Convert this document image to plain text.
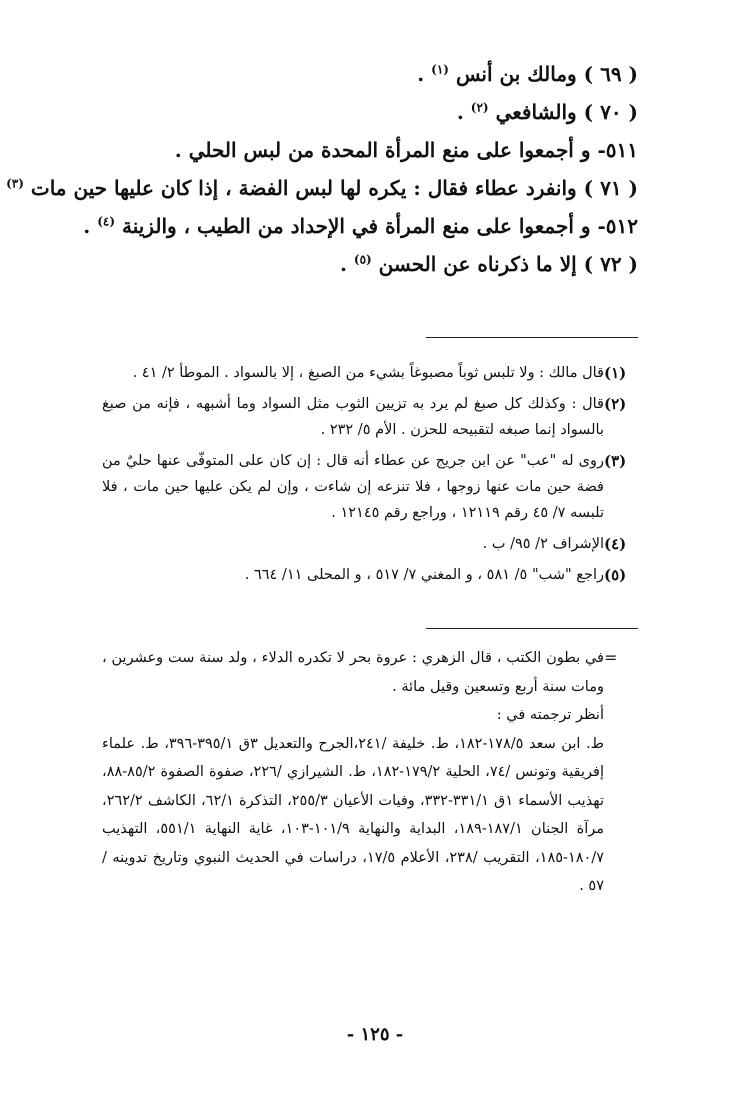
( ٦٩ ) ومالك بن أنس $^{(١)}$ .
( ٧٠ ) والشافعي $^{(٢)}$ .
٥١١- و أجمعوا على منع المرأة المحدة من لبس الحلي .
( ٧١ ) وانفرد عطاء فقال : يكره لها لبس الفضة ، إذا كان عليها حين مات $^{(٣)}$
٥١٢- و أجمعوا على منع المرأة في الإحداد من الطيب ، والزينة $^{(٤)}$ .
( ٧٢ ) إلا ما ذكرناه عن الحسن $^{(٥)}$ .
(١)
قال مالك : ولا تلبس ثوباً مصبوغاً بشيء من الصبغ ، إلا بالسواد . الموطأ ٢/ ٤١ .
(٢)
قال : وكذلك كل صبغ لم يرد به تزيين الثوب مثل السواد وما أشبهه ، فإنه من صبغ بالسواد إنما صبغه لتقبيحه للحزن . الأم ٥/ ٢٣٢ .
(٣)
روى له "عب" عن ابن جريج عن عطاء أنه قال : إن كان على المتوفّى عنها حليٌ من فضة حين مات عنها زوجها ، فلا تنزعه إن شاءت ، وإن لم يكن عليها حين مات ، فلا تلبسه ٧/ ٤٥ رقم ١٢١١٩ ، وراجع رقم ١٢١٤٥ .
(٤)
الإشراف ٢/ ٩٥/ ب .
(٥)
راجع "شب" ٥/ ٥٨١ ، و المغني ٧/ ٥١٧ ، و المحلى ١١/ ٦٦٤ .
=
في بطون الكتب ، قال الزهري : عروة بحر لا تكدره الدلاء ، ولد سنة ست وعشرين ، ومات سنة أربع وتسعين وقيل مائة .
أنظر ترجمته في :
ط. ابن سعد ١٧٨/٥-١٨٢، ط. خليفة /٢٤١،الجرح والتعديل ٣ق ٣٩٥/١-٣٩٦، ط. علماء إفريقية وتونس /٧٤، الحلية ١٧٩/٢-١٨٢، ط. الشيرازي /٢٢٦، صفوة الصفوة ٨٥/٢-٨٨، تهذيب الأسماء ١ق ٣٣١/١-٣٣٢، وفيات الأعيان ٢٥٥/٣، التذكرة ٦٢/١، الكاشف ٢٦٢/٢، مرآة الجنان ١٨٧/١-١٨٩، البداية والنهاية ١٠١/٩-١٠٣، غاية النهاية ٥٥١/١، التهذيب ١٨٠/٧-١٨٥، التقريب /٢٣٨، الأعلام ١٧/٥، دراسات في الحديث النبوي وتاريخ تدوينه /٥٧ .
- ١٢٥ -
